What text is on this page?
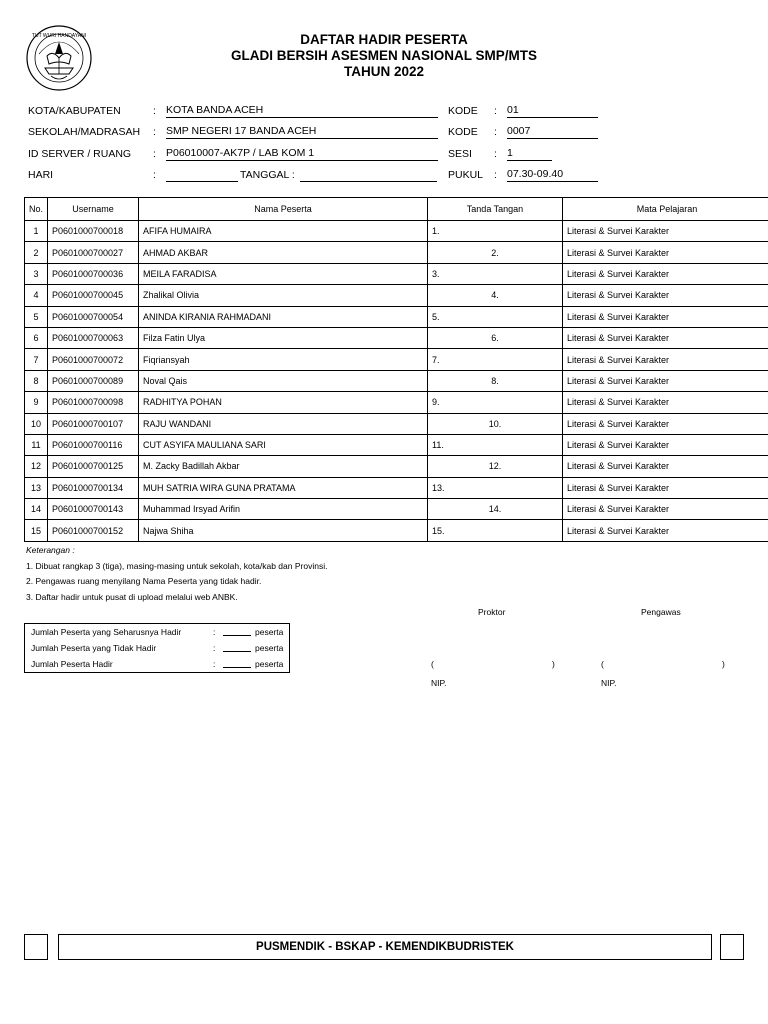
TUT WURI HANDAYANI	DAFTAR HADIR PESERTA
GLADI BERSIH ASESMEN NASIONAL SMP/MTS
TAHUN 2022
KOTA/KABUPATEN	: KOTA BANDA ACEH	KODE : 01
SEKOLAH/MADRASAH : SMP NEGERI 17 BANDA ACEH	KODE : 0007
ID SERVER / RUANG : P06010007-AK7P / LAB KOM 1	SESI : 1
HARI	:	TANGGAL :	PUKUL : 07.30-09.40
No.	Username	Nama Peserta	Tanda Tangan	Mata Pelajaran
1	P0601000700018	AFIFA HUMAIRA	1.	Literasi & Survei Karakter
2	P0601000700027	AHMAD AKBAR	2.	Literasi & Survei Karakter
3	P0601000700036	MEILA FARADISA	3.	Literasi & Survei Karakter
4	P0601000700045	Zhalikal Olivia	4.	Literasi & Survei Karakter
5	P0601000700054	ANINDA KIRANIA RAHMADANI	5.	Literasi & Survei Karakter
6	P0601000700063	Filza Fatin Ulya	6.	Literasi & Survei Karakter
7	P0601000700072	Fiqriansyah	7.	Literasi & Survei Karakter
8	P0601000700089	Noval Qais	8.	Literasi & Survei Karakter
9	P0601000700098	RADHITYA POHAN	9.	Literasi & Survei Karakter
10	P0601000700107	RAJU WANDANI	10.	Literasi & Survei Karakter
11	P0601000700116	CUT ASYIFA MAULIANA SARI	11.	Literasi & Survei Karakter
12	P0601000700125	M. Zacky Badillah Akbar	12.	Literasi & Survei Karakter
13	P0601000700134	MUH SATRIA WIRA GUNA PRATAMA	13.	Literasi & Survei Karakter
14	P0601000700143	Muhammad Irsyad Arifin	14.	Literasi & Survei Karakter
15	P0601000700152	Najwa Shiha	15.	Literasi & Survei Karakter
Keterangan :
1. Dibuat rangkap 3 (tiga), masing-masing untuk sekolah, kota/kab dan Provinsi.
2. Pengawas ruang menyilang Nama Peserta yang tidak hadir.
3. Daftar hadir untuk pusat di upload melalui web ANBK.
Jumlah Peserta yang Seharusnya Hadir	:	peserta
Jumlah Peserta yang Tidak Hadir	:	peserta
Jumlah Peserta Hadir	:	peserta
Proktor	Pengawas
(	)	(	)
NIP.	NIP.
PUSMENDIK - BSKAP - KEMENDIKBUDRISTEK
